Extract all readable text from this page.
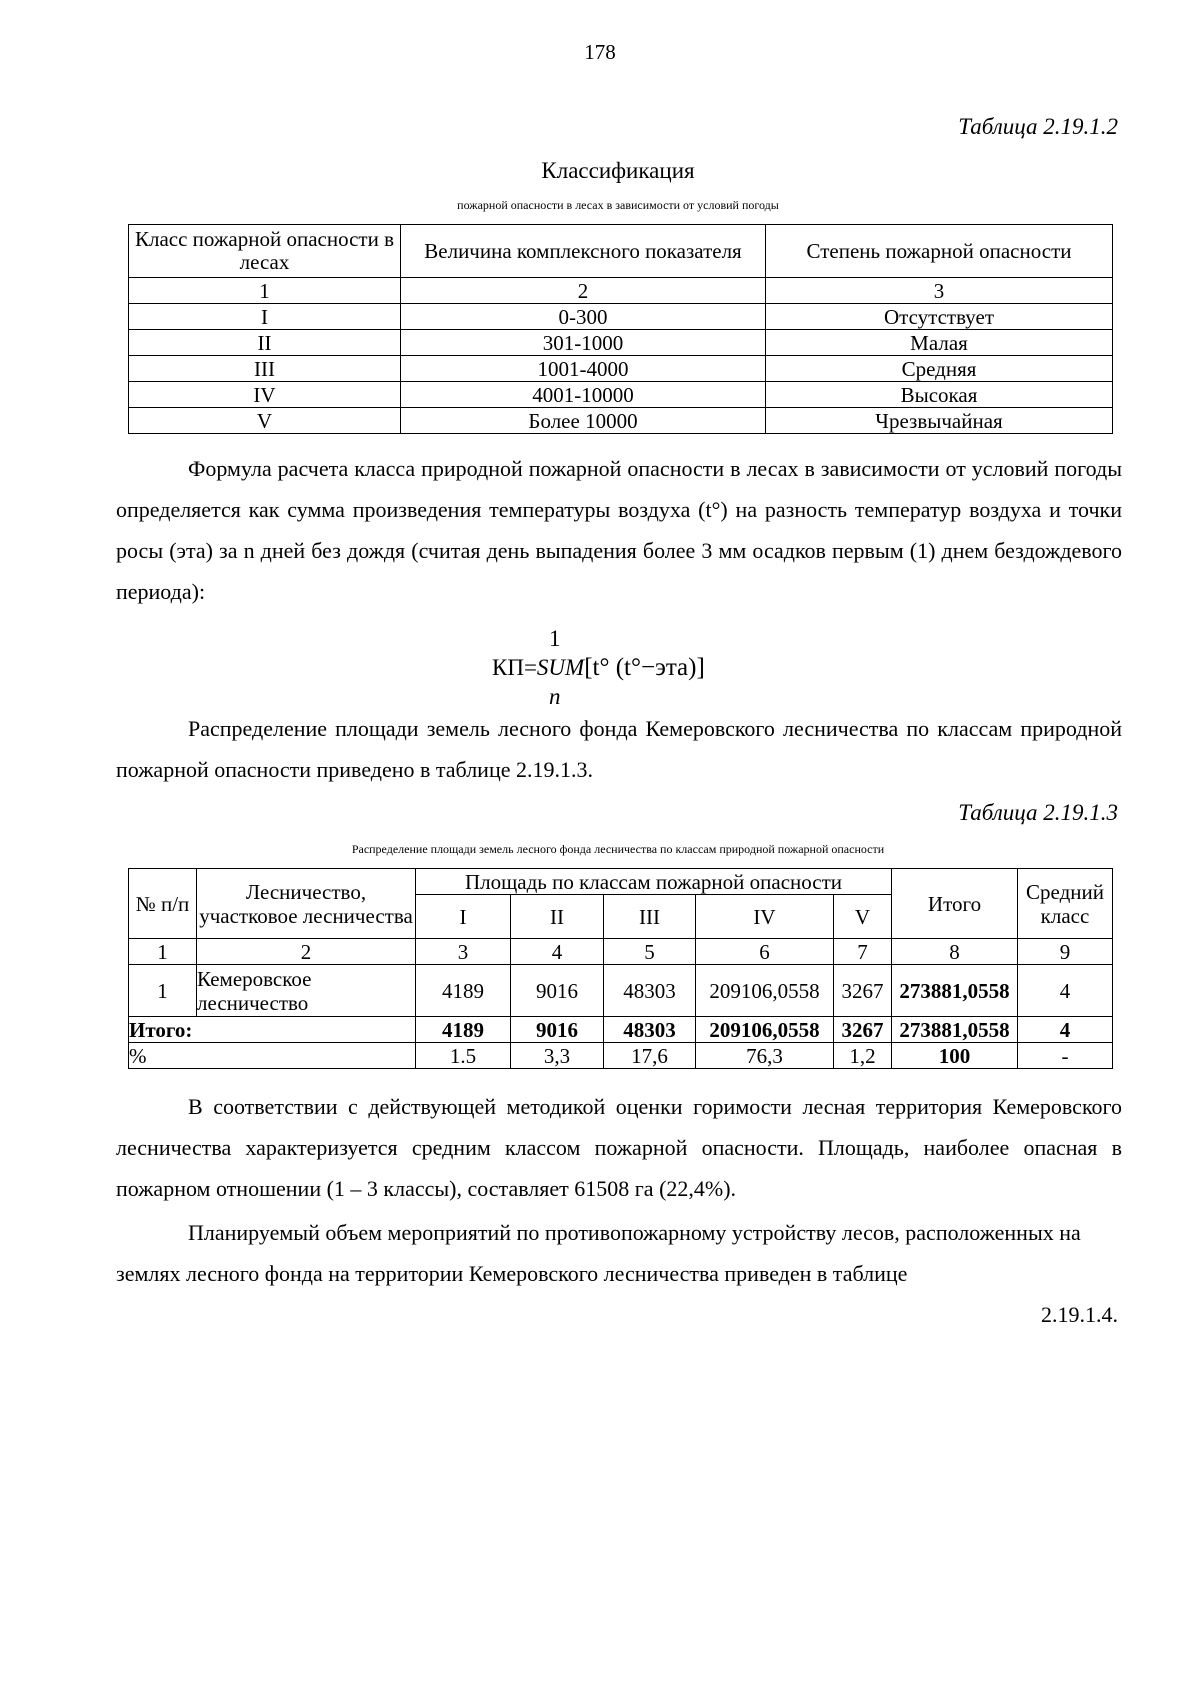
178
Таблица 2.19.1.2
Классификация
пожарной опасности в лесах в зависимости от условий погоды
Класс пожарной опасности в лесах	Величина комплексного показателя	Степень пожарной опасности
1	2	3
I	0-300	Отсутствует
II	301-1000	Малая
III	1001-4000	Средняя
IV	4001-10000	Высокая
V	Более 10000	Чрезвычайная
Формула расчета класса природной пожарной опасности в лесах в зависимости от условий погоды определяется как сумма произведения температуры воздуха (t°) на разность температур воздуха и точки росы (эта) за n дней без дождя (считая день выпадения более 3 мм осадков первым (1) днем бездождевого периода):
1
КП=SUM[t° (t°−эта)]
n
Распределение площади земель лесного фонда Кемеровского лесничества по классам природной пожарной опасности приведено в таблице 2.19.1.3.
Таблица 2.19.1.3
Распределение площади земель лесного фонда лесничества по классам природной пожарной опасности
№ п/п	Лесничество, участковое лесничества	Площадь по классам пожарной опасности					Итого	Средний класс
		I	II	III	IV	V		
1	2	3	4	5	6	7	8	9
1	Кемеровское лесничество	4189	9016	48303	209106,0558	3267	273881,0558	4
Итого:		4189	9016	48303	209106,0558	3267	273881,0558	4
%		1.5	3,3	17,6	76,3	1,2	100	-
В соответствии с действующей методикой оценки горимости лесная территория Кемеровского лесничества характеризуется средним классом пожарной опасности. Площадь, наиболее опасная в пожарном отношении (1 – 3 классы), составляет 61508 га (22,4%).
Планируемый объем мероприятий по противопожарному устройству лесов, расположенных на землях лесного фонда на территории Кемеровского лесничества приведен в таблице
2.19.1.4.
